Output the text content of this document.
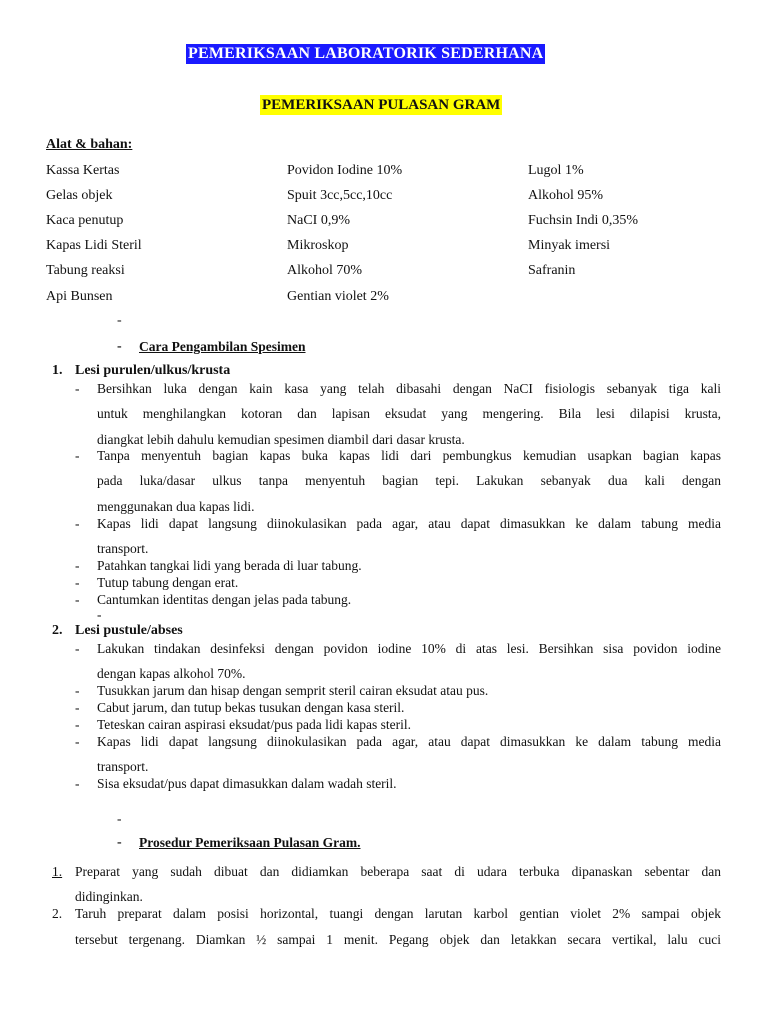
PEMERIKSAAN LABORATORIK SEDERHANA
PEMERIKSAAN PULASAN GRAM
Alat & bahan:
Kassa Kertas
Gelas objek
Kaca penutup
Kapas Lidi Steril
Tabung reaksi
Api Bunsen
Povidon Iodine 10%
Spuit 3cc,5cc,10cc
NaCI 0,9%
Mikroskop
Alkohol 70%
Gentian violet 2%
Lugol 1%
Alkohol 95%
Fuchsin Indi 0,35%
Minyak imersi
Safranin
-
- Cara Pengambilan Spesimen
1. Lesi purulen/ulkus/krusta
- Bersihkan luka dengan kain kasa yang telah dibasahi dengan NaCI fisiologis sebanyak tiga kali
untuk menghilangkan kotoran dan lapisan eksudat yang mengering. Bila lesi dilapisi krusta,
diangkat lebih dahulu kemudian spesimen diambil dari dasar krusta.
- Tanpa menyentuh bagian kapas buka kapas lidi dari pembungkus kemudian usapkan bagian kapas
pada luka/dasar ulkus tanpa menyentuh bagian tepi. Lakukan sebanyak dua kali dengan
menggunakan dua kapas lidi.
- Kapas lidi dapat langsung diinokulasikan pada agar, atau dapat dimasukkan ke dalam tabung media
transport.
- Patahkan tangkai lidi yang berada di luar tabung.
- Tutup tabung dengan erat.
- Cantumkan identitas dengan jelas pada tabung.
-
2. Lesi pustule/abses
- Lakukan tindakan desinfeksi dengan povidon iodine 10% di atas lesi. Bersihkan sisa povidon iodine
dengan kapas alkohol 70%.
- Tusukkan jarum dan hisap dengan semprit steril cairan eksudat atau pus.
- Cabut jarum, dan tutup bekas tusukan dengan kasa steril.
- Teteskan cairan aspirasi eksudat/pus pada lidi kapas steril.
- Kapas lidi dapat langsung diinokulasikan pada agar, atau dapat dimasukkan ke dalam tabung media
transport.
- Sisa eksudat/pus dapat dimasukkan dalam wadah steril.
-
- Prosedur Pemeriksaan Pulasan Gram.
1. Preparat yang sudah dibuat dan didiamkan beberapa saat di udara terbuka dipanaskan sebentar dan
didinginkan.
2. Taruh preparat dalam posisi horizontal, tuangi dengan larutan karbol gentian violet 2% sampai objek
tersebut tergenang. Diamkan ½ sampai 1 menit. Pegang objek dan letakkan secara vertikal, lalu cuci
